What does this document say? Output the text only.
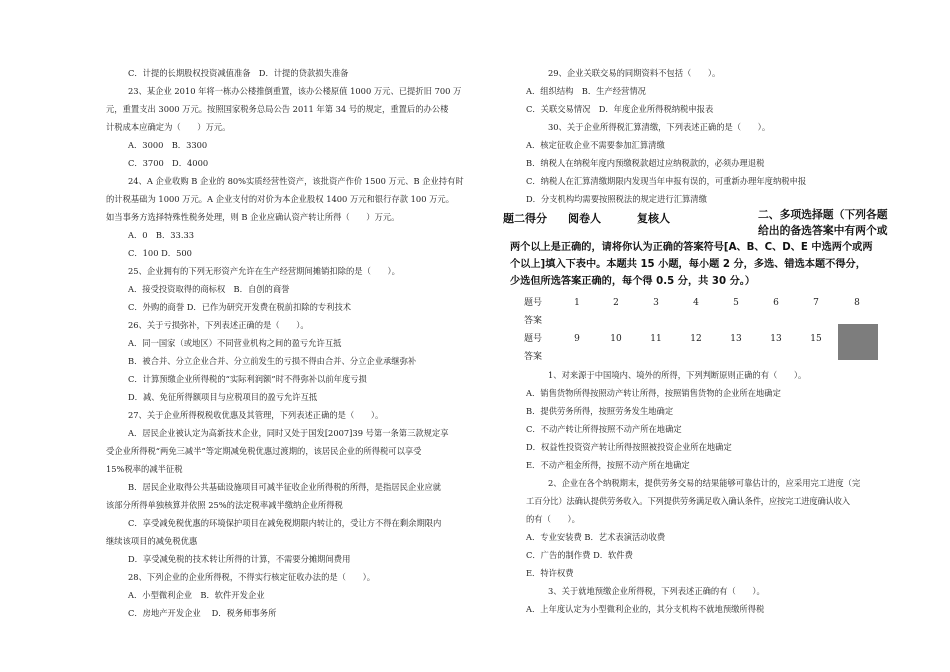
C．计提的长期股权投资减值准备　D．计提的贷款损失准备
23、某企业 2010 年将一栋办公楼推倒重置，该办公楼原值 1000 万元、已提折旧 700 万
元，重置支出 3000 万元。按照国家税务总局公告 2011 年第 34 号的规定，重置后的办公楼
计税成本应确定为（　　）万元。
A．3000　B．3300
C．3700　D．4000
24、A 企业收购 B 企业的 80%实质经营性资产，该批资产作价 1500 万元、B 企业持有时
的计税基础为 1000 万元。A 企业支付的对价为本企业股权 1400 万元和银行存款 100 万元。
如当事务方选择特殊性税务处理，则 B 企业应确认资产转让所得（　　）万元。
A．0　B．33.33
C．100 D．500
25、企业拥有的下列无形资产允许在生产经营期间摊销扣除的是（　　）。
A．接受投资取得的商标权　B．自创的商誉
C．外购的商誉 D．已作为研究开发费在税前扣除的专利技术
26、关于亏损弥补，下列表述正确的是（　　）。
A．同一国家（或地区）不同营业机构之间的盈亏允许互抵
B．被合并、分立企业合并、分立前发生的亏损不得由合并、分立企业承继弥补
C．计算预缴企业所得税的“实际利润额”时不得弥补以前年度亏损
D．减、免征所得额项目与应税项目的盈亏允许互抵
27、关于企业所得税税收优惠及其管理，下列表述正确的是（　　）。
A．居民企业被认定为高新技术企业，同时又处于国发[2007]39 号第一条第三款规定享
受企业所得税“两免三减半”等定期减免税优惠过渡期的，该居民企业的所得税可以享受
15%税率的减半征税
B．居民企业取得公共基础设施项目可减半征收企业所得税的所得，是指居民企业应就
该部分所得单独核算并依照 25%的法定税率减半缴纳企业所得税
C．享受减免税优惠的环境保护项目在减免税期限内转让的，受让方不得在剩余期限内
继续该项目的减免税优惠
D．享受减免税的技术转让所得的计算，不需要分摊期间费用
28、下列企业的企业所得税，不得实行核定征收办法的是（　　）。
A．小型微利企业　B．软件开发企业
C．房地产开发企业　 D．税务师事务所
29、企业关联交易的同期资料不包括（　　）。
A．组织结构　B．生产经营情况
C．关联交易情况　D．年度企业所得税纳税申报表
30、关于企业所得税汇算清缴，下列表述正确的是（　　）。
A．核定征收企业不需要参加汇算清缴
B．纳税人在纳税年度内预缴税款超过应纳税款的，必须办理退税
C．纳税人在汇算清缴期限内发现当年申报有误的，可重新办理年度纳税申报
D．分支机构均需要按照税法的规定进行汇算清缴
题二得分 阅卷人	复核人	二、多项选择题（下列各题
给出的备选答案中有两个或
两个以上是正确的，请将你认为正确的答案符号[A、B、C、D、E 中选两个或两
个以上]填入下表中。本题共 15 小题，每小题 2 分，多选、错选本题不得分，
少选但所选答案正确的，每个得 0.5 分，共 30 分。）
题号	1	2	3	4	5	6	7	8
答案
题号	9	10	11	12	13	13	15
答案
1、对来源于中国境内、境外的所得，下列判断原则正确的有（　　）。
A．销售货物所得按照动产转让所得，按照销售货物的企业所在地确定
B．提供劳务所得，按照劳务发生地确定
C．不动产转让所得按照不动产所在地确定
D．权益性投资资产转让所得按照被投资企业所在地确定
E．不动产租金所得，按照不动产所在地确定
2、企业在各个纳税期末，提供劳务交易的结果能够可靠估计的，应采用完工进度（完
工百分比）法确认提供劳务收入。下列提供劳务满足收入确认条件，应按完工进度确认收入
的有（　　）。
A．专业安装费 B．艺术表演活动收费
C．广告的制作费 D．软件费
E．特许权费
3、关于就地预缴企业所得税，下列表述正确的有（　　）。
A．上年度认定为小型微利企业的，其分支机构不就地预缴所得税
